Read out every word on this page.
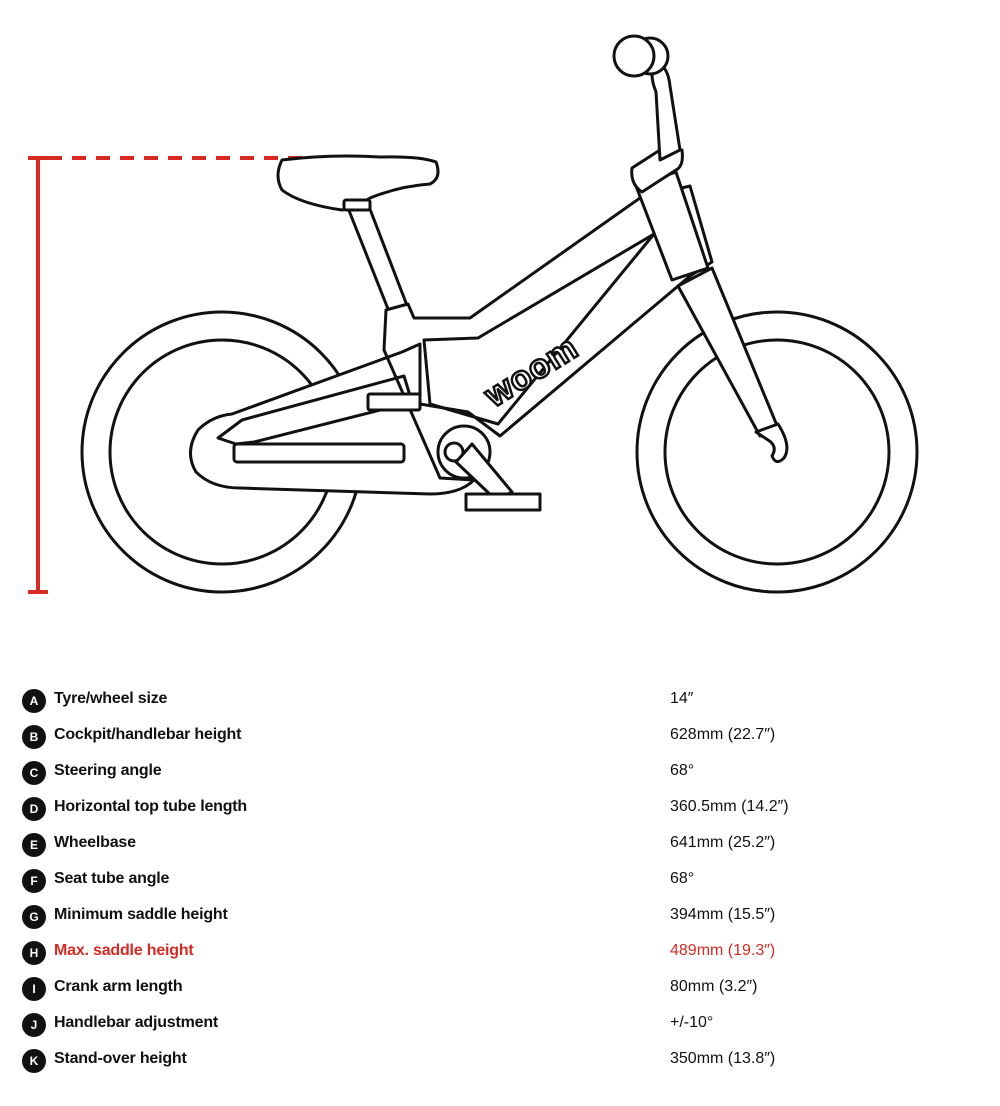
woom
A Tyre/wheel size	14″
B Cockpit/handlebar height	628mm (22.7″)
C Steering angle	68°
D Horizontal top tube length	360.5mm (14.2″)
E	Wheelbase	641mm (25.2″)
F	Seat tube angle	68°
G Minimum saddle height	394mm (15.5″)
H Max. saddle height	489mm (19.3″)
I	Crank arm length	80mm (3.2″)
J	Handlebar adjustment	+/-10°
K Stand-over height	350mm (13.8″)
